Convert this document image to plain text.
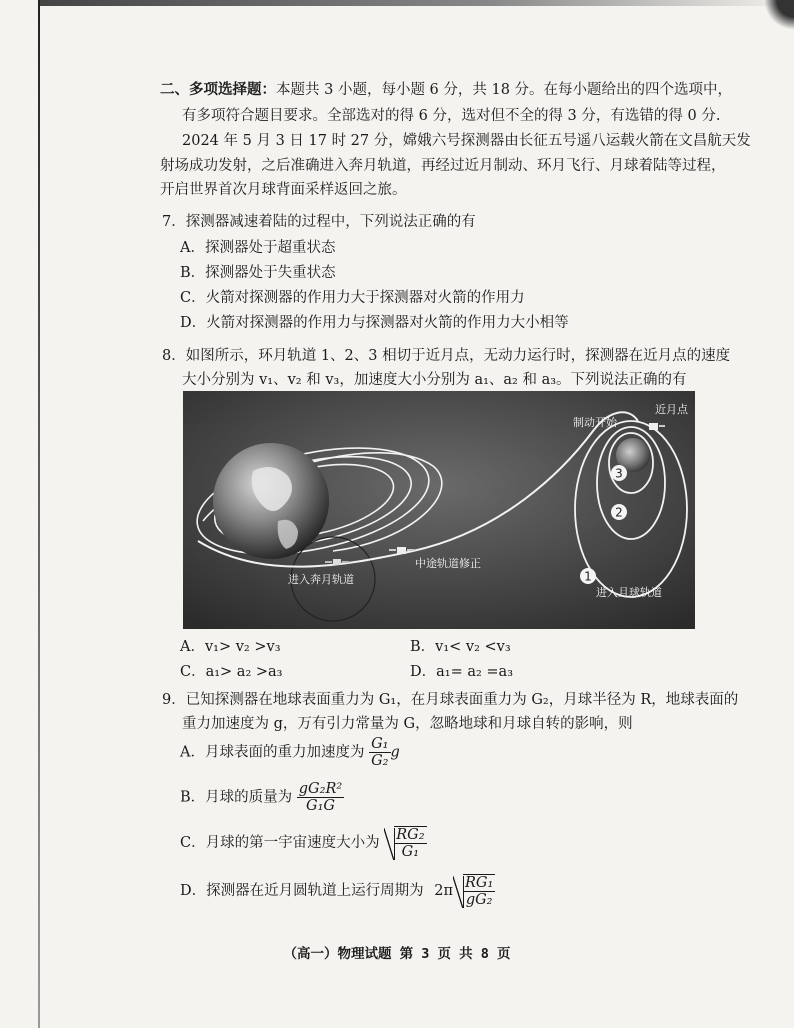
二、多项选择题：本题共 3 小题，每小题 6 分，共 18 分。在每小题给出的四个选项中，
有多项符合题目要求。全部选对的得 6 分，选对但不全的得 3 分，有选错的得 0 分.
2024 年 5 月 3 日 17 时 27 分，嫦娥六号探测器由长征五号遥八运载火箭在文昌航天发
射场成功发射，之后准确进入奔月轨道，再经过近月制动、环月飞行、月球着陆等过程，
开启世界首次月球背面采样返回之旅。
7．探测器减速着陆的过程中，下列说法正确的有
A．探测器处于超重状态
B．探测器处于失重状态
C．火箭对探测器的作用力大于探测器对火箭的作用力
D．火箭对探测器的作用力与探测器对火箭的作用力大小相等
8．如图所示，环月轨道 1、2、3 相切于近月点，无动力运行时，探测器在近月点的速度
大小分别为 v₁、v₂ 和 v₃，加速度大小分别为 a₁、a₂ 和 a₃。下列说法正确的有
3
2
1
制动开始
近月点
进入奔月轨道
中途轨道修正
进入月球轨道
A．v₁> v₂ >v₃	B．v₁< v₂ <v₃
C．a₁> a₂ >a₃	D．a₁= a₂ =a₃
9．已知探测器在地球表面重力为 G₁，在月球表面重力为 G₂，月球半径为 R，地球表面的
重力加速度为 g，万有引力常量为 G，忽略地球和月球自转的影响，则
A．月球表面的重力加速度为 $\frac{\text{G₁}}{\text{G₂}}$ g
B．月球的质量为 $\frac{\text{gG₂R²}}{\text{G₁G}}$
C．月球的第一宇宙速度大小为 $\frac{\text{RG₂}}{\text{G₁}}$
D．探测器在近月圆轨道上运行周期为 $2\pi \frac{\text{RG₁}}{\text{gG₂}}$
（高一）物理试题 第 3 页 共 8 页
